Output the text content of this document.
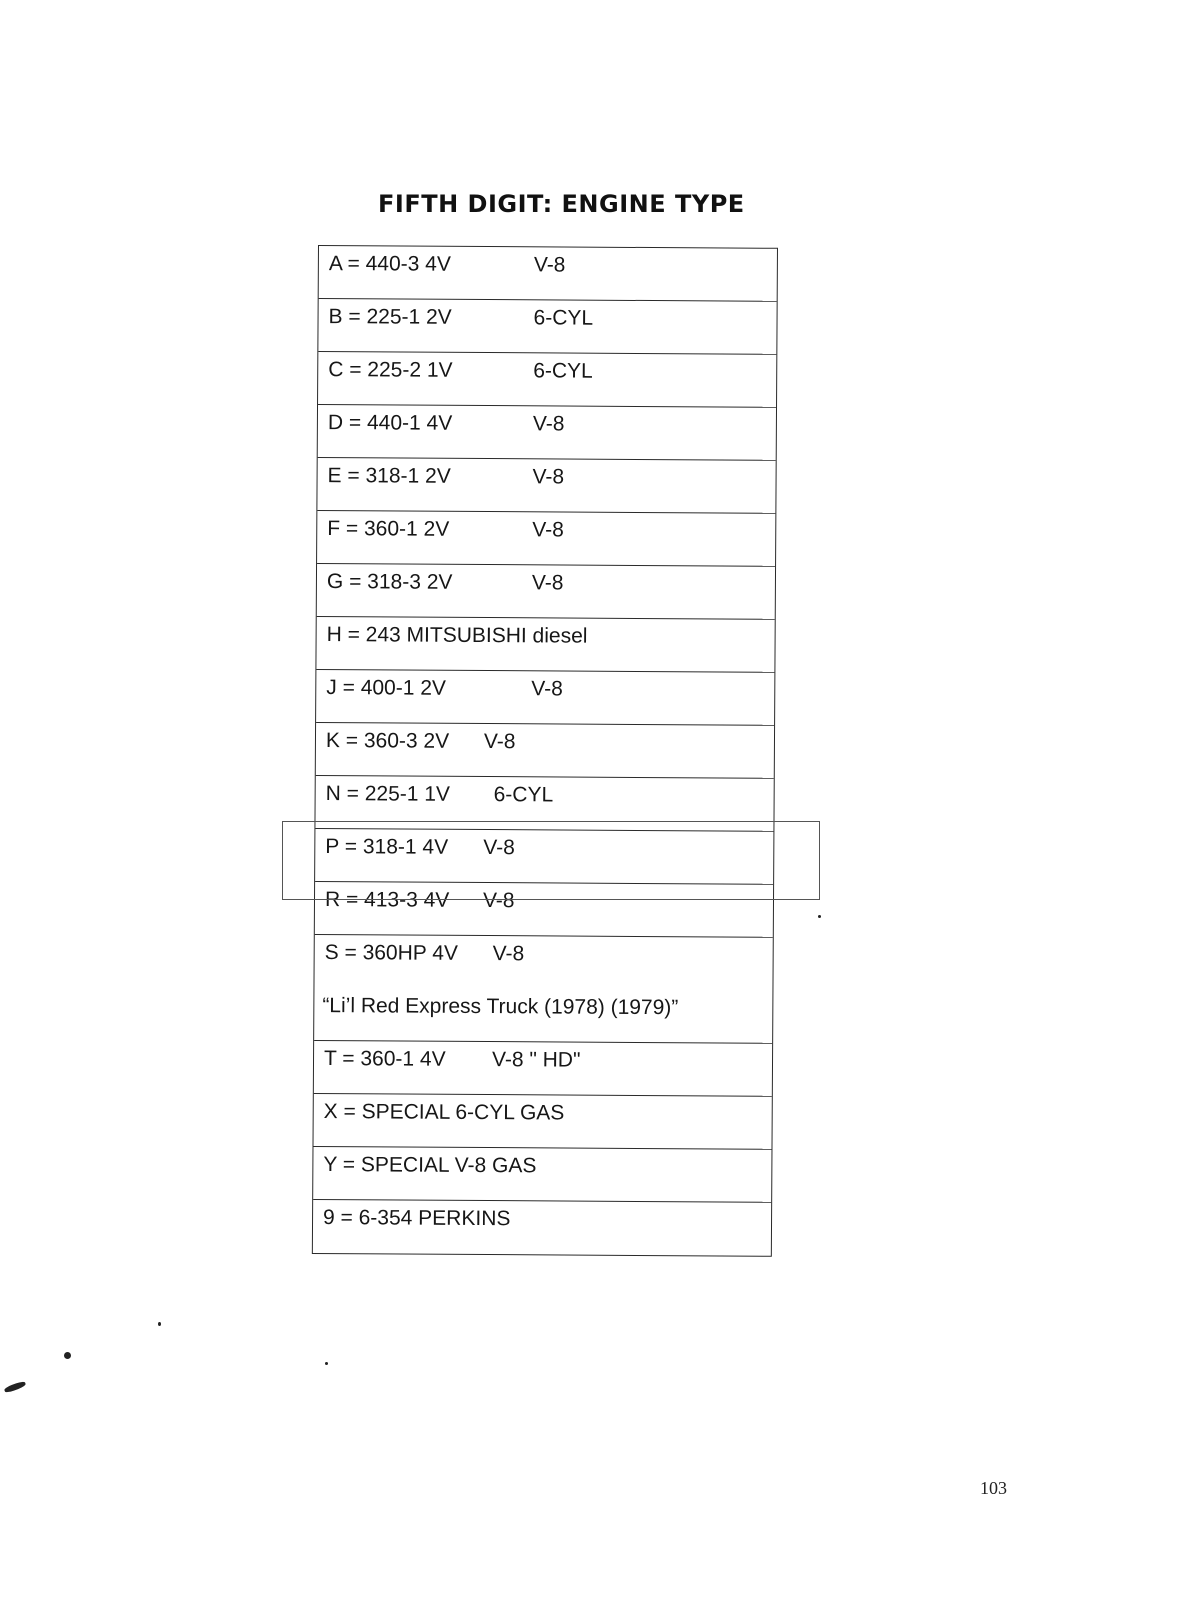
FIFTH DIGIT: ENGINE TYPE
A = 440-3 4V	V-8
B = 225-1 2V	6-CYL
C = 225-2 1V	6-CYL
D = 440-1 4V	V-8
E = 318-1 2V	V-8
F = 360-1 2V	V-8
G = 318-3 2V	V-8
H = 243 MITSUBISHI diesel
J = 400-1 2V	V-8
K = 360-3 2V V-8
N = 225-1 1V 6-CYL
P = 318-1 4V V-8
R = 413-3 4V V-8
S = 360HP 4V V-8
“Li’l Red Express Truck (1978) (1979)”
T = 360-1 4V V-8 " HD"
X = SPECIAL 6-CYL GAS
Y = SPECIAL V-8 GAS
9 = 6-354 PERKINS
103
